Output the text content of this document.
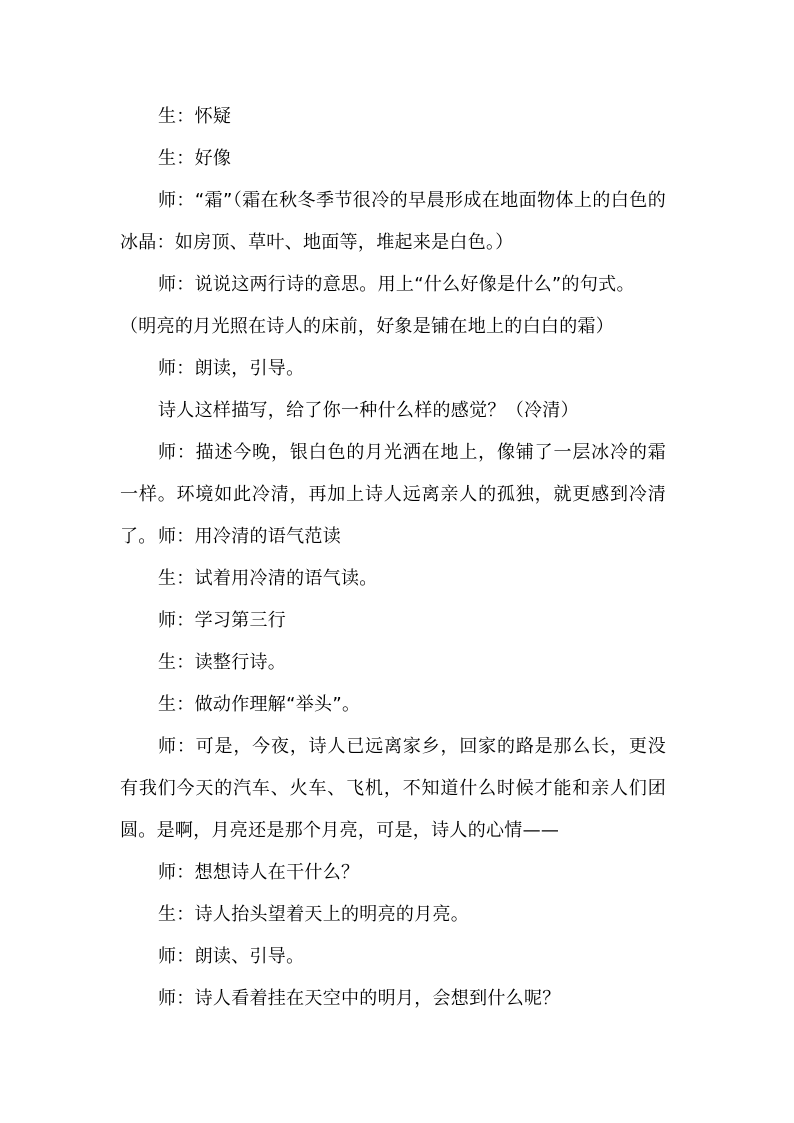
生：怀疑

生：好像

师：“霜”（霜在秋冬季节很冷的早晨形成在地面物体上的白色的冰晶：如房顶、草叶、地面等，堆起来是白色。）

师：说说这两行诗的意思。用上“什么好像是什么”的句式。

（明亮的月光照在诗人的床前，好象是铺在地上的白白的霜）

师：朗读，引导。

诗人这样描写，给了你一种什么样的感觉？（冷清）

师：描述今晚，银白色的月光洒在地上，像铺了一层冰冷的霜一样。环境如此冷清，再加上诗人远离亲人的孤独，就更感到冷清了。 师：用冷清的语气范读

生：试着用冷清的语气读。

师：学习第三行

生：读整行诗。

生：做动作理解“举头”。

师：可是，今夜，诗人已远离家乡，回家的路是那么长，更没有我们今天的汽车、火车、飞机，不知道什么时候才能和亲人们团圆。是啊，月亮还是那个月亮，可是，诗人的心情——

师：想想诗人在干什么？

生：诗人抬头望着天上的明亮的月亮。

师：朗读、引导。

师：诗人看着挂在天空中的明月，会想到什么呢？
